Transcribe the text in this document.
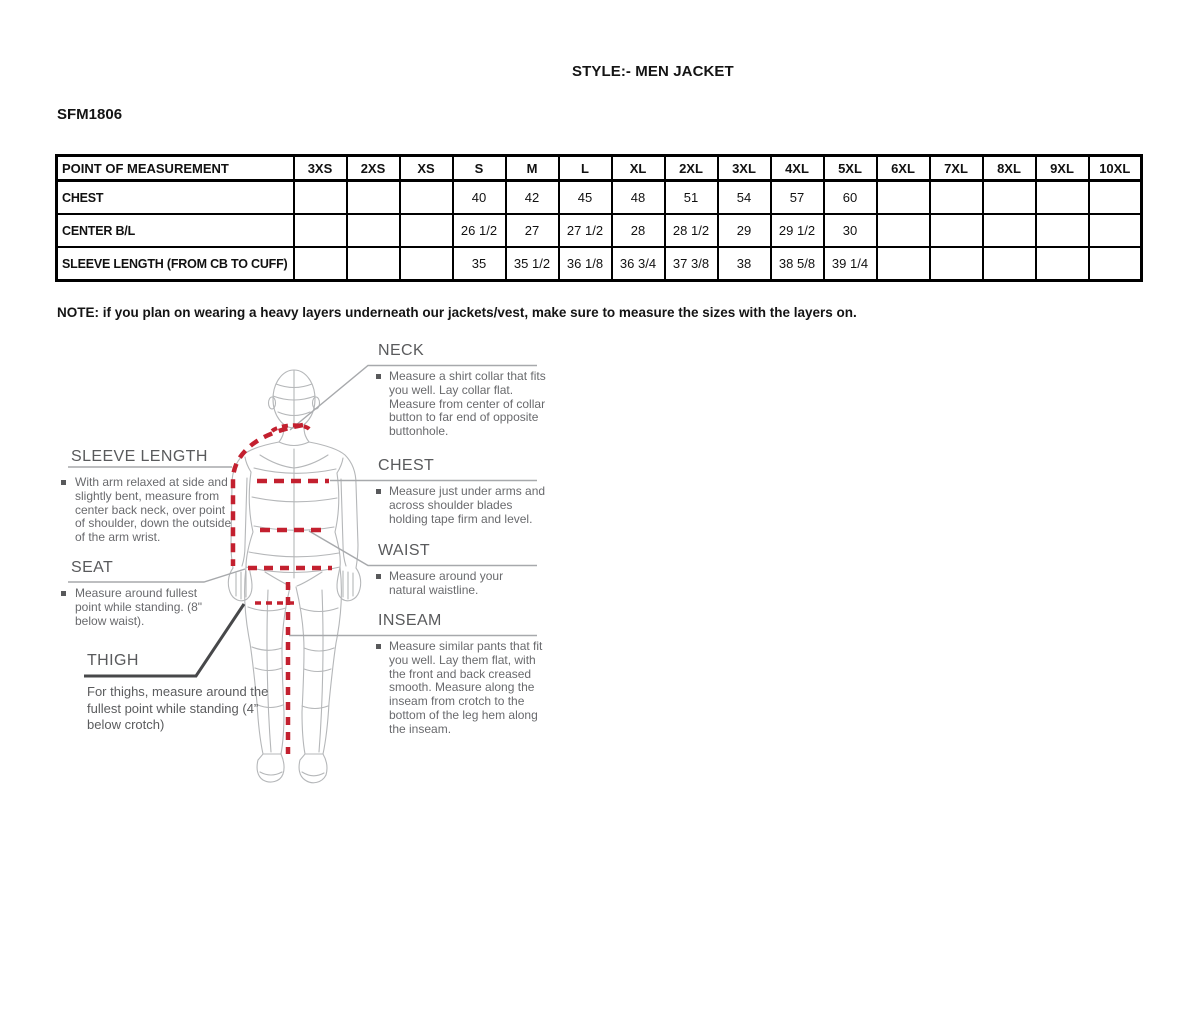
STYLE:- MEN JACKET
SFM1806
POINT OF MEASUREMENT	3XS	2XS	XS	S	M	L	XL	2XL	3XL	4XL	5XL	6XL	7XL	8XL	9XL	10XL
CHEST				40	42	45	48	51	54	57	60					
CENTER B/L				26 1/2	27	27 1/2	28	28 1/2	29	29 1/2	30					
SLEEVE LENGTH (FROM CB TO CUFF)				35	35 1/2	36 1/8	36 3/4	37 3/8	38	38 5/8	39 1/4					
NOTE: if you plan on wearing a heavy layers underneath our jackets/vest, make sure to measure the sizes with the layers on.
NECK
Measure a shirt collar that fits you well. Lay collar flat. Measure from center of collar button to far end of opposite buttonhole.
CHEST
Measure just under arms and across shoulder blades holding tape firm and level.
WAIST
Measure around your natural waistline.
INSEAM
Measure similar pants that fit you well. Lay them flat, with the front and back creased smooth. Measure along the inseam from crotch to the bottom of the leg hem along the inseam.
SLEEVE LENGTH
With arm relaxed at side and slightly bent, measure from center back neck, over point of shoulder, down the outside of the arm wrist.
SEAT
Measure around fullest point while standing. (8" below waist).
THIGH
For thighs, measure around the fullest point while standing (4” below crotch)
